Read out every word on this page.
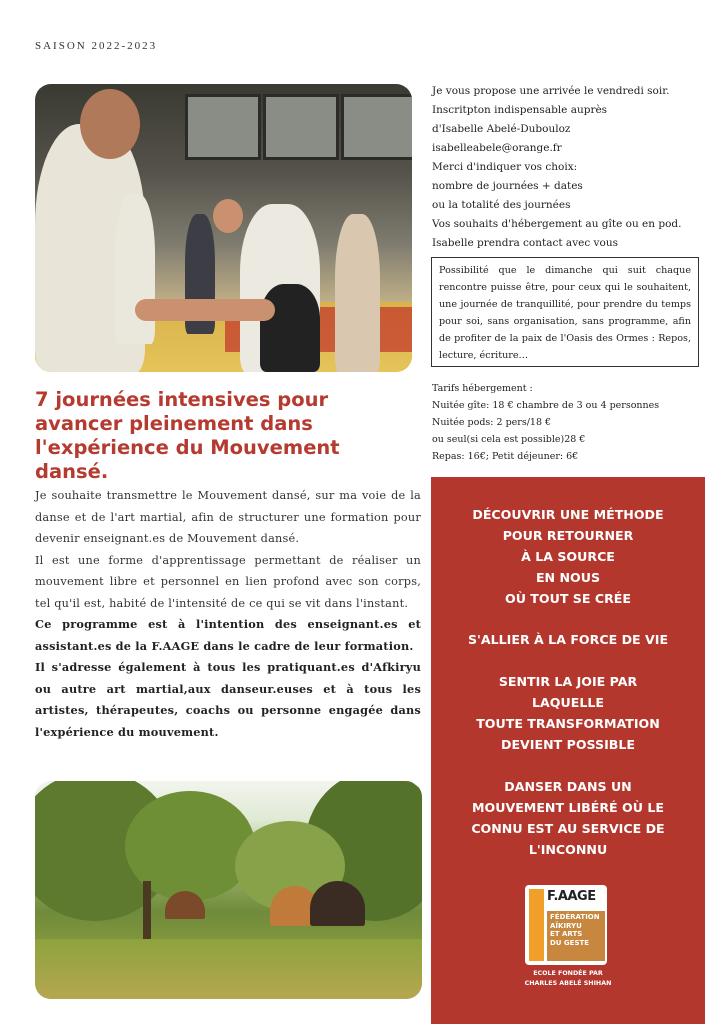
SAISON 2022-2023
Je vous propose une arrivée le vendredi soir.
Inscritpton indispensable auprès
d'Isabelle Abelé-Dubouloz
isabelleabele@orange.fr
Merci d'indiquer vos choix:
nombre de journées + dates
ou la totalité des journées
Vos souhaits d'hébergement au gîte ou en pod.
Isabelle prendra contact avec vous
Possibilité que le dimanche qui suit chaque rencontre puisse être, pour ceux qui le souhaitent, une journée de tranquillité, pour prendre du temps pour soi, sans organisation, sans programme, afin de profiter de la paix de l'Oasis des Ormes : Repos, lecture, écriture…
Tarifs hébergement :
Nuitée gîte: 18 € chambre de 3 ou 4 personnes
Nuitée pods: 2 pers/18 €
ou seul(si cela est possible)28 €
Repas: 16€; Petit déjeuner: 6€
7 journées intensives pour avancer pleinement dans l'expérience du Mouvement dansé.

Je souhaite transmettre le Mouvement dansé, sur ma voie de la danse et de l'art martial, afin de structurer une formation pour devenir enseignant.es de Mouvement dansé.

Il est une forme d'apprentissage permettant de réaliser un mouvement libre et personnel en lien profond avec son corps, tel qu'il est, habité de l'intensité de ce qui se vit dans l'instant.

Ce programme est à l'intention des enseignant.es et assistant.es de la F.AAGE dans le cadre de leur formation.

Il s'adresse également à tous les pratiquant.es d'Afkiryu ou autre art martial,aux danseur.euses et à tous les artistes, thérapeutes, coachs ou personne engagée dans l'expérience du mouvement.

DÉCOUVRIR UNE MÉTHODE
POUR RETOURNER
À LA SOURCE
EN NOUS
OÙ TOUT SE CRÉE
S'ALLIER À LA FORCE DE VIE
SENTIR LA JOIE PAR
LAQUELLE
TOUTE TRANSFORMATION
DEVIENT POSSIBLE
DANSER DANS UN
MOUVEMENT LIBÉRÉ OÙ LE
CONNU EST AU SERVICE DE
L'INCONNU
F.AAGE
FÉDÉRATION
AÏKIRYU
ET ARTS
DU GESTE
ECOLE FONDÉE PAR
CHARLES ABELÉ SHIHAN
